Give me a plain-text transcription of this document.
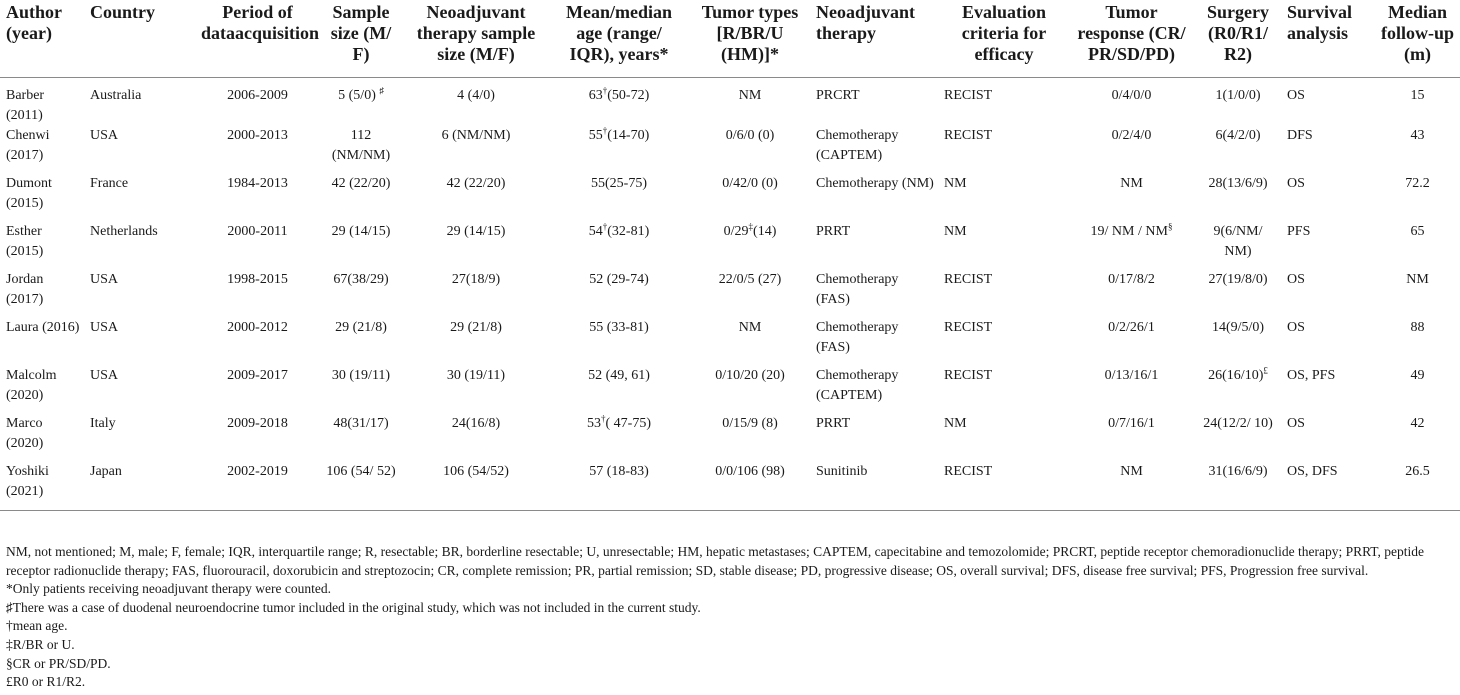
Author (year)	Country	Period of dataacquisition	Sample size (M/ F)	Neoadjuvant therapy sample size (M/F)	Mean/median age (range/ IQR), years*	Tumor types [R/BR/U (HM)]*	Neoadjuvant therapy	Evaluation criteria for efficacy	Tumor response (CR/ PR/SD/PD)	Surgery (R0/R1/ R2)	Survival analysis	Median follow-up (m)
Barber (2011)	Australia	2006-2009	5 (5/0) ♯	4 (4/0)	63†(50-72)	NM	PRCRT	RECIST	0/4/0/0	1(1/0/0)	OS	15
Chenwi (2017)	USA	2000-2013	112 (NM/NM)	6 (NM/NM)	55†(14-70)	0/6/0 (0)	Chemotherapy (CAPTEM)	RECIST	0/2/4/0	6(4/2/0)	DFS	43
Dumont (2015)	France	1984-2013	42 (22/20)	42 (22/20)	55(25-75)	0/42/0 (0)	Chemotherapy (NM)	NM	NM	28(13/6/9)	OS	72.2
Esther (2015)	Netherlands	2000-2011	29 (14/15)	29 (14/15)	54†(32-81)	0/29‡(14)	PRRT	NM	19/ NM / NM§	9(6/NM/ NM)	PFS	65
Jordan (2017)	USA	1998-2015	67(38/29)	27(18/9)	52 (29-74)	22/0/5 (27)	Chemotherapy (FAS)	RECIST	0/17/8/2	27(19/8/0)	OS	NM
Laura (2016)	USA	2000-2012	29 (21/8)	29 (21/8)	55 (33-81)	NM	Chemotherapy (FAS)	RECIST	0/2/26/1	14(9/5/0)	OS	88
Malcolm (2020)	USA	2009-2017	30 (19/11)	30 (19/11)	52 (49, 61)	0/10/20 (20)	Chemotherapy (CAPTEM)	RECIST	0/13/16/1	26(16/10)£	OS, PFS	49
Marco (2020)	Italy	2009-2018	48(31/17)	24(16/8)	53†( 47-75)	0/15/9 (8)	PRRT	NM	0/7/16/1	24(12/2/ 10)	OS	42
Yoshiki (2021)	Japan	2002-2019	106 (54/ 52)	106 (54/52)	57 (18-83)	0/0/106 (98)	Sunitinib	RECIST	NM	31(16/6/9)	OS, DFS	26.5

NM, not mentioned; M, male; F, female; IQR, interquartile range; R, resectable; BR, borderline resectable; U, unresectable; HM, hepatic metastases; CAPTEM, capecitabine and temozolomide; PRCRT, peptide receptor chemoradionuclide therapy; PRRT, peptide receptor radionuclide therapy; FAS, fluorouracil, doxorubicin and streptozocin; CR, complete remission; PR, partial remission; SD, stable disease; PD, progressive disease; OS, overall survival; DFS, disease free survival; PFS, Progression free survival.

*Only patients receiving neoadjuvant therapy were counted.

♯There was a case of duodenal neuroendocrine tumor included in the original study, which was not included in the current study.

†mean age.

‡R/BR or U.

§CR or PR/SD/PD.

£R0 or R1/R2.
